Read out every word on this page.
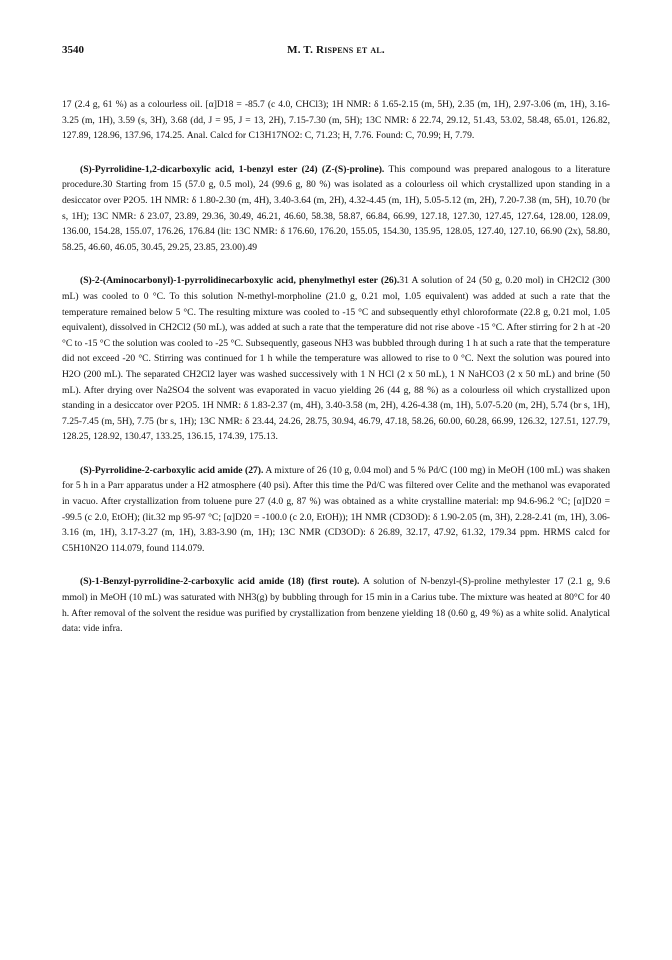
3540	M. T. Rispens et al.

17 (2.4 g, 61 %) as a colourless oil. [α]D18 = -85.7 (c 4.0, CHCl3); 1H NMR: δ 1.65-2.15 (m, 5H), 2.35 (m, 1H), 2.97-3.06 (m, 1H), 3.16-3.25 (m, 1H), 3.59 (s, 3H), 3.68 (dd, J = 95, J = 13, 2H), 7.15-7.30 (m, 5H); 13C NMR: δ 22.74, 29.12, 51.43, 53.02, 58.48, 65.01, 126.82, 127.89, 128.96, 137.96, 174.25. Anal. Calcd for C13H17NO2: C, 71.23; H, 7.76. Found: C, 70.99; H, 7.79.

(S)-Pyrrolidine-1,2-dicarboxylic acid, 1-benzyl ester (24) (Z-(S)-proline). This compound was prepared analogous to a literature procedure.30 Starting from 15 (57.0 g, 0.5 mol), 24 (99.6 g, 80 %) was isolated as a colourless oil which crystallized upon standing in a desiccator over P2O5. 1H NMR: δ 1.80-2.30 (m, 4H), 3.40-3.64 (m, 2H), 4.32-4.45 (m, 1H), 5.05-5.12 (m, 2H), 7.20-7.38 (m, 5H), 10.70 (br s, 1H); 13C NMR: δ 23.07, 23.89, 29.36, 30.49, 46.21, 46.60, 58.38, 58.87, 66.84, 66.99, 127.18, 127.30, 127.45, 127.64, 128.00, 128.09, 136.00, 154.28, 155.07, 176.26, 176.84 (lit: 13C NMR: δ 176.60, 176.20, 155.05, 154.30, 135.95, 128.05, 127.40, 127.10, 66.90 (2x), 58.80, 58.25, 46.60, 46.05, 30.45, 29.25, 23.85, 23.00).49

(S)-2-(Aminocarbonyl)-1-pyrrolidinecarboxylic acid, phenylmethyl ester (26).31 A solution of 24 (50 g, 0.20 mol) in CH2Cl2 (300 mL) was cooled to 0 °C. To this solution N-methyl-morpholine (21.0 g, 0.21 mol, 1.05 equivalent) was added at such a rate that the temperature remained below 5 °C. The resulting mixture was cooled to -15 °C and subsequently ethyl chloroformate (22.8 g, 0.21 mol, 1.05 equivalent), dissolved in CH2Cl2 (50 mL), was added at such a rate that the temperature did not rise above -15 °C. After stirring for 2 h at -20 °C to -15 °C the solution was cooled to -25 °C. Subsequently, gaseous NH3 was bubbled through during 1 h at such a rate that the temperature did not exceed -20 °C. Stirring was continued for 1 h while the temperature was allowed to rise to 0 °C. Next the solution was poured into H2O (200 mL). The separated CH2Cl2 layer was washed successively with 1 N HCl (2 x 50 mL), 1 N NaHCO3 (2 x 50 mL) and brine (50 mL). After drying over Na2SO4 the solvent was evaporated in vacuo yielding 26 (44 g, 88 %) as a colourless oil which crystallized upon standing in a desiccator over P2O5. 1H NMR: δ 1.83-2.37 (m, 4H), 3.40-3.58 (m, 2H), 4.26-4.38 (m, 1H), 5.07-5.20 (m, 2H), 5.74 (br s, 1H), 7.25-7.45 (m, 5H), 7.75 (br s, 1H); 13C NMR: δ 23.44, 24.26, 28.75, 30.94, 46.79, 47.18, 58.26, 60.00, 60.28, 66.99, 126.32, 127.51, 127.79, 128.25, 128.92, 130.47, 133.25, 136.15, 174.39, 175.13.

(S)-Pyrrolidine-2-carboxylic acid amide (27). A mixture of 26 (10 g, 0.04 mol) and 5 % Pd/C (100 mg) in MeOH (100 mL) was shaken for 5 h in a Parr apparatus under a H2 atmosphere (40 psi). After this time the Pd/C was filtered over Celite and the methanol was evaporated in vacuo. After crystallization from toluene pure 27 (4.0 g, 87 %) was obtained as a white crystalline material: mp 94.6-96.2 °C; [α]D20 = -99.5 (c 2.0, EtOH); (lit.32 mp 95-97 °C; [α]D20 = -100.0 (c 2.0, EtOH)); 1H NMR (CD3OD): δ 1.90-2.05 (m, 3H), 2.28-2.41 (m, 1H), 3.06-3.16 (m, 1H), 3.17-3.27 (m, 1H), 3.83-3.90 (m, 1H); 13C NMR (CD3OD): δ 26.89, 32.17, 47.92, 61.32, 179.34 ppm. HRMS calcd for C5H10N2O 114.079, found 114.079.

(S)-1-Benzyl-pyrrolidine-2-carboxylic acid amide (18) (first route). A solution of N-benzyl-(S)-proline methylester 17 (2.1 g, 9.6 mmol) in MeOH (10 mL) was saturated with NH3(g) by bubbling through for 15 min in a Carius tube. The mixture was heated at 80°C for 40 h. After removal of the solvent the residue was purified by crystallization from benzene yielding 18 (0.60 g, 49 %) as a white solid. Analytical data: vide infra.
